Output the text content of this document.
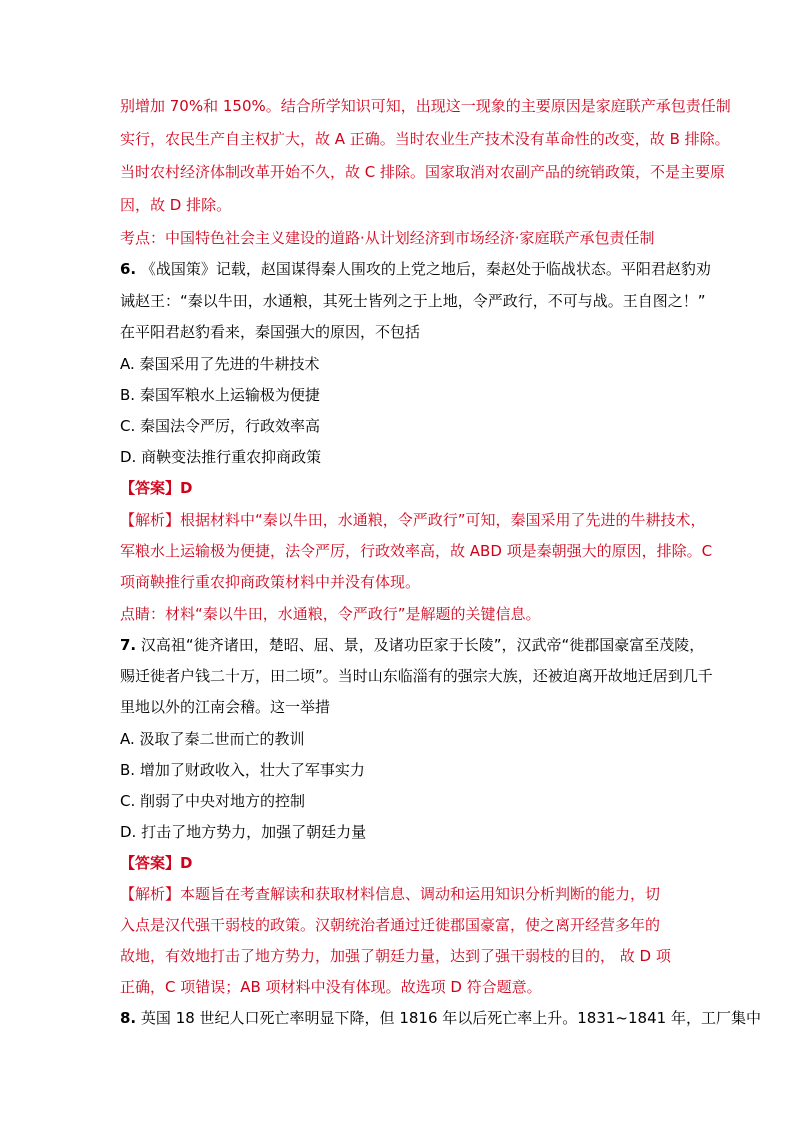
别增加 70%和 150%。结合所学知识可知，出现这一现象的主要原因是家庭联产承包责任制
实行，农民生产自主权扩大，故 A 正确。当时农业生产技术没有革命性的改变，故 B 排除。
当时农村经济体制改革开始不久，故 C 排除。国家取消对农副产品的统销政策，不是主要原
因，故 D 排除。
考点：中国特色社会主义建设的道路·从计划经济到市场经济·家庭联产承包责任制
6. 《战国策》记载，赵国谋得秦人围攻的上党之地后，秦赵处于临战状态。平阳君赵豹劝
诫赵王：“秦以牛田，水通粮，其死士皆列之于上地，令严政行，不可与战。王自图之！”
在平阳君赵豹看来，秦国强大的原因，不包括
A. 秦国采用了先进的牛耕技术
B. 秦国军粮水上运输极为便捷
C. 秦国法令严厉，行政效率高
D. 商鞅变法推行重农抑商政策
【答案】D
【解析】根据材料中“秦以牛田，水通粮，令严政行”可知，秦国采用了先进的牛耕技术，
军粮水上运输极为便捷，法令严厉，行政效率高，故 ABD 项是秦朝强大的原因，排除。C
项商鞅推行重农抑商政策材料中并没有体现。
点睛：材料“秦以牛田，水通粮，令严政行”是解题的关键信息。
7. 汉高祖“徙齐诸田，楚昭、屈、景，及诸功臣家于长陵”，汉武帝“徙郡国豪富至茂陵，
赐迁徙者户钱二十万，田二顷”。当时山东临淄有的强宗大族，还被迫离开故地迁居到几千
里地以外的江南会稽。这一举措
A. 汲取了秦二世而亡的教训
B. 增加了财政收入，壮大了军事实力
C. 削弱了中央对地方的控制
D. 打击了地方势力，加强了朝廷力量
【答案】D
【解析】本题旨在考查解读和获取材料信息、调动和运用知识分析判断的能力，切
入点是汉代强干弱枝的政策。汉朝统治者通过迁徙郡国豪富，使之离开经营多年的
故地，有效地打击了地方势力，加强了朝廷力量，达到了强干弱枝的目的， 故 D 项
正确，C 项错误；AB 项材料中没有体现。故选项 D 符合题意。
8. 英国 18 世纪人口死亡率明显下降，但 1816 年以后死亡率上升。1831~1841 年，工厂集中
